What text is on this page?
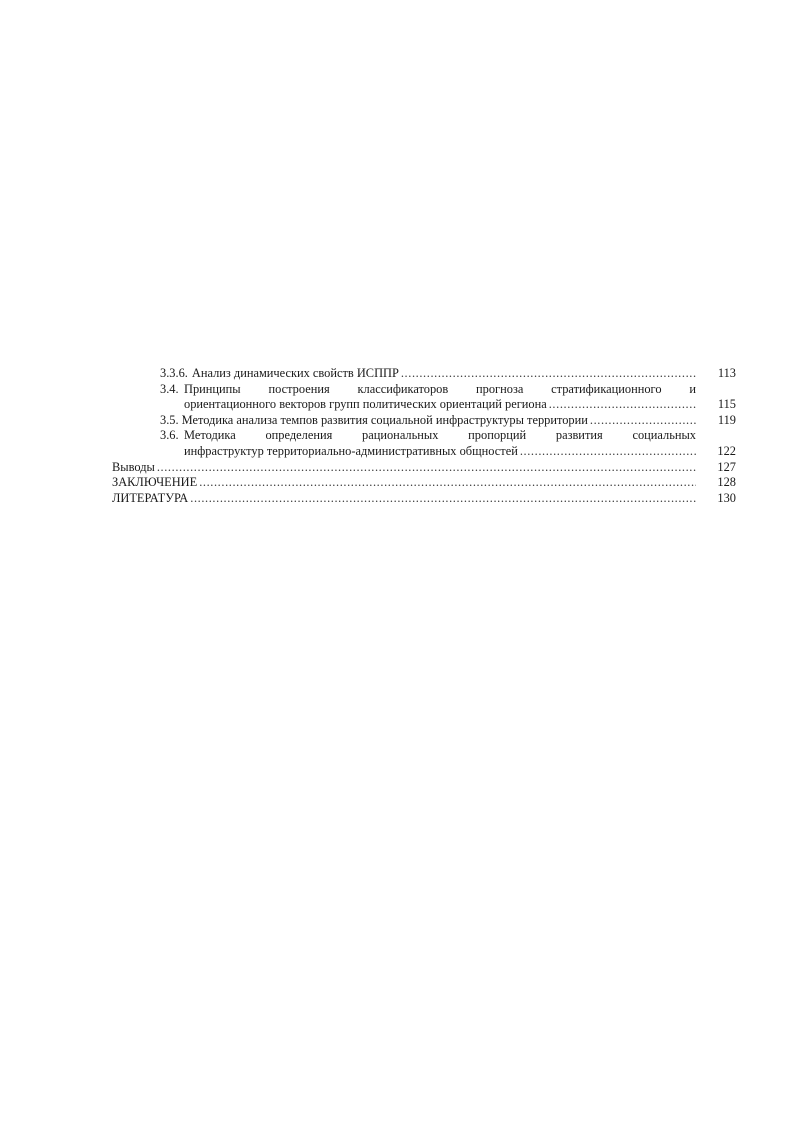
3.3.6. Анализ динамических свойств ИСППР .....	113
3.4. Принципы построения классификаторов прогноза стратификационного и
ориентационного векторов групп политических ориентаций региона .....	115
3.5. Методика анализа темпов развития социальной инфраструктуры территории .....	119
3.6. Методика определения рациональных пропорций развития социальных
инфраструктур территориально-административных общностей .....	122
Выводы .....	127
ЗАКЛЮЧЕНИЕ .....	128
ЛИТЕРАТУРА .....	130
